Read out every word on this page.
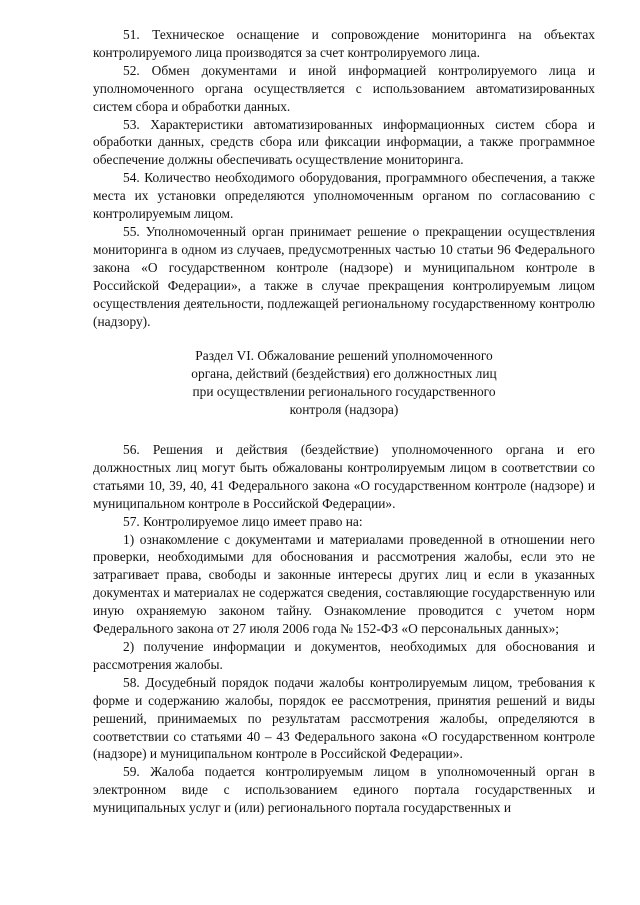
51. Техническое оснащение и сопровождение мониторинга на объектах контролируемого лица производятся за счет контролируемого лица.

52. Обмен документами и иной информацией контролируемого лица и уполномоченного органа осуществляется с использованием автоматизированных систем сбора и обработки данных.

53. Характеристики автоматизированных информационных систем сбора и обработки данных, средств сбора или фиксации информации, а также программное обеспечение должны обеспечивать осуществление мониторинга.

54. Количество необходимого оборудования, программного обеспечения, а также места их установки определяются уполномоченным органом по согласованию с контролируемым лицом.

55. Уполномоченный орган принимает решение о прекращении осуществления мониторинга в одном из случаев, предусмотренных частью 10 статьи 96 Федерального закона «О государственном контроле (надзоре) и муниципальном контроле в Российской Федерации», а также в случае прекращения контролируемым лицом осуществления деятельности, подлежащей региональному государственному контролю (надзору).

Раздел VI. Обжалование решений уполномоченного
органа, действий (бездействия) его должностных лиц
при осуществлении регионального государственного
контроля (надзора)

56. Решения и действия (бездействие) уполномоченного органа и его должностных лиц могут быть обжалованы контролируемым лицом в соответствии со статьями 10, 39, 40, 41 Федерального закона «О государственном контроле (надзоре) и муниципальном контроле в Российской Федерации».

57. Контролируемое лицо имеет право на:

1) ознакомление с документами и материалами проведенной в отношении него проверки, необходимыми для обоснования и рассмотрения жалобы, если это не затрагивает права, свободы и законные интересы других лиц и если в указанных документах и материалах не содержатся сведения, составляющие государственную или иную охраняемую законом тайну. Ознакомление проводится с учетом норм Федерального закона от 27 июля 2006 года № 152-ФЗ «О персональных данных»;

2) получение информации и документов, необходимых для обоснования и рассмотрения жалобы.

58. Досудебный порядок подачи жалобы контролируемым лицом, требования к форме и содержанию жалобы, порядок ее рассмотрения, принятия решений и виды решений, принимаемых по результатам рассмотрения жалобы, определяются в соответствии со статьями 40 – 43 Федерального закона «О государственном контроле (надзоре) и муниципальном контроле в Российской Федерации».

59. Жалоба подается контролируемым лицом в уполномоченный орган в электронном виде с использованием единого портала государственных и муниципальных услуг и (или) регионального портала государственных и
